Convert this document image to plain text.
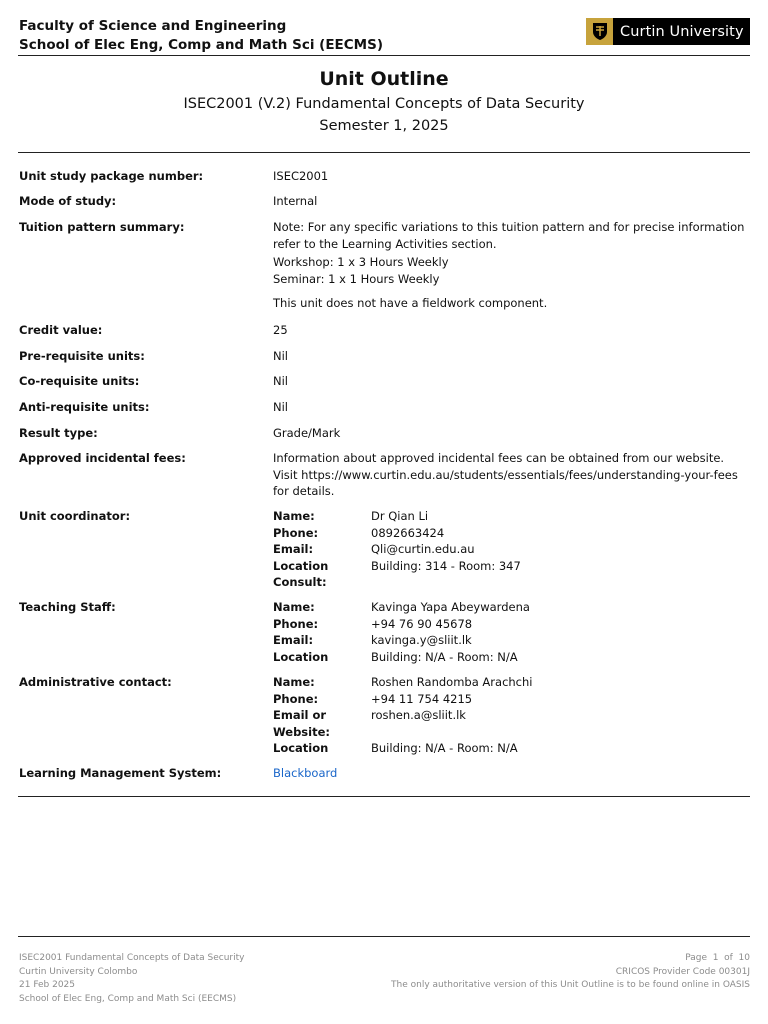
Faculty of Science and Engineering
School of Elec Eng, Comp and Math Sci (EECMS)
Curtin University
Unit Outline
ISEC2001 (V.2) Fundamental Concepts of Data Security
Semester 1, 2025
Unit study package number:	ISEC2001
Mode of study:	Internal
Tuition pattern summary:	Note: For any specific variations to this tuition pattern and for precise information refer to the Learning Activities section.

Workshop: 1 x 3 Hours Weekly

Seminar: 1 x 1 Hours Weekly

This unit does not have a fieldwork component.

Credit value:	25
Pre-requisite units:	Nil
Co-requisite units:	Nil
Anti-requisite units:	Nil
Result type:	Grade/Mark
Approved incidental fees:	Information about approved incidental fees can be obtained from our website. Visit https://www.curtin.edu.au/students/essentials/fees/understanding-your-fees for details.
Unit coordinator:	Name:	Dr Qian Li
Phone:	0892663424
Email:	Qli@curtin.edu.au
Location	Building: 314 - Room: 347
Consult:
Teaching Staff:	Name:	Kavinga Yapa Abeywardena
Phone:	+94 76 90 45678
Email:	kavinga.y@sliit.lk
Location	Building: N/A - Room: N/A
Administrative contact:	Name:	Roshen Randomba Arachchi
Phone:	+94 11 754 4215
Email or	roshen.a@sliit.lk
Website:
Location	Building: N/A - Room: N/A
Learning Management System:	Blackboard
ISEC2001 Fundamental Concepts of Data Security
Curtin University Colombo
21 Feb 2025
School of Elec Eng, Comp and Math Sci (EECMS)
Page  1  of  10
CRICOS Provider Code 00301J
The only authoritative version of this Unit Outline is to be found online in OASIS
